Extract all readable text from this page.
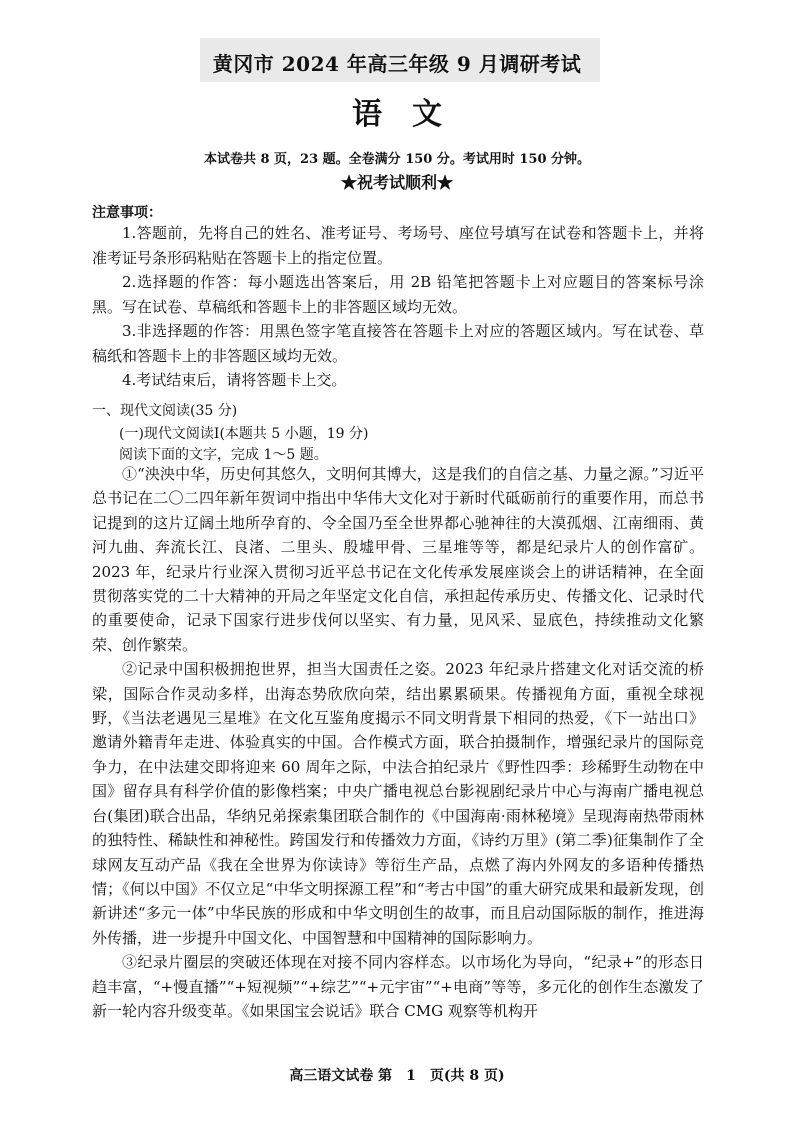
黄冈市 2024 年高三年级 9 月调研考试
语　文
本试卷共 8 页，23 题。全卷满分 150 分。考试用时 150 分钟。
★祝考试顺利★
注意事项：

1.答题前，先将自己的姓名、准考证号、考场号、座位号填写在试卷和答题卡上，并将准考证号条形码粘贴在答题卡上的指定位置。

2.选择题的作答：每小题选出答案后，用 2B 铅笔把答题卡上对应题目的答案标号涂黑。写在试卷、草稿纸和答题卡上的非答题区域均无效。

3.非选择题的作答：用黑色签字笔直接答在答题卡上对应的答题区域内。写在试卷、草稿纸和答题卡上的非答题区域均无效。

4.考试结束后，请将答题卡上交。

一、现代文阅读(35 分)
(一)现代文阅读Ⅰ(本题共 5 小题，19 分)
阅读下面的文字，完成 1～5 题。

①“泱泱中华，历史何其悠久，文明何其博大，这是我们的自信之基、力量之源。”习近平总书记在二〇二四年新年贺词中指出中华伟大文化对于新时代砥砺前行的重要作用，而总书记提到的这片辽阔土地所孕育的、令全国乃至全世界都心驰神往的大漠孤烟、江南细雨、黄河九曲、奔流长江、良渚、二里头、殷墟甲骨、三星堆等等，都是纪录片人的创作富矿。2023 年，纪录片行业深入贯彻习近平总书记在文化传承发展座谈会上的讲话精神，在全面贯彻落实党的二十大精神的开局之年坚定文化自信，承担起传承历史、传播文化、记录时代的重要使命，记录下国家行进步伐何以坚实、有力量，见风采、显底色，持续推动文化繁荣、创作繁荣。

②记录中国积极拥抱世界，担当大国责任之姿。2023 年纪录片搭建文化对话交流的桥梁，国际合作灵动多样，出海态势欣欣向荣，结出累累硕果。传播视角方面，重视全球视野，《当法老遇见三星堆》在文化互鉴角度揭示不同文明背景下相同的热爱，《下一站出口》邀请外籍青年走进、体验真实的中国。合作模式方面，联合拍摄制作，增强纪录片的国际竞争力，在中法建交即将迎来 60 周年之际，中法合拍纪录片《野性四季：珍稀野生动物在中国》留存具有科学价值的影像档案；中央广播电视总台影视剧纪录片中心与海南广播电视总台(集团)联合出品，华纳兄弟探索集团联合制作的《中国海南·雨林秘境》呈现海南热带雨林的独特性、稀缺性和神秘性。跨国发行和传播效力方面，《诗约万里》(第二季)征集制作了全球网友互动产品《我在全世界为你读诗》等衍生产品，点燃了海内外网友的多语种传播热情；《何以中国》不仅立足“中华文明探源工程”和“考古中国”的重大研究成果和最新发现，创新讲述“多元一体”中华民族的形成和中华文明创生的故事，而且启动国际版的制作，推进海外传播，进一步提升中国文化、中国智慧和中国精神的国际影响力。

③纪录片圈层的突破还体现在对接不同内容样态。以市场化为导向，“纪录+”的形态日趋丰富，“+慢直播”“+短视频”“+综艺”“+元宇宙”“+电商”等等，多元化的创作生态激发了新一轮内容升级变革。《如果国宝会说话》联合 CMG 观察等机构开

高三语文试卷 第　1　页(共 8 页)
